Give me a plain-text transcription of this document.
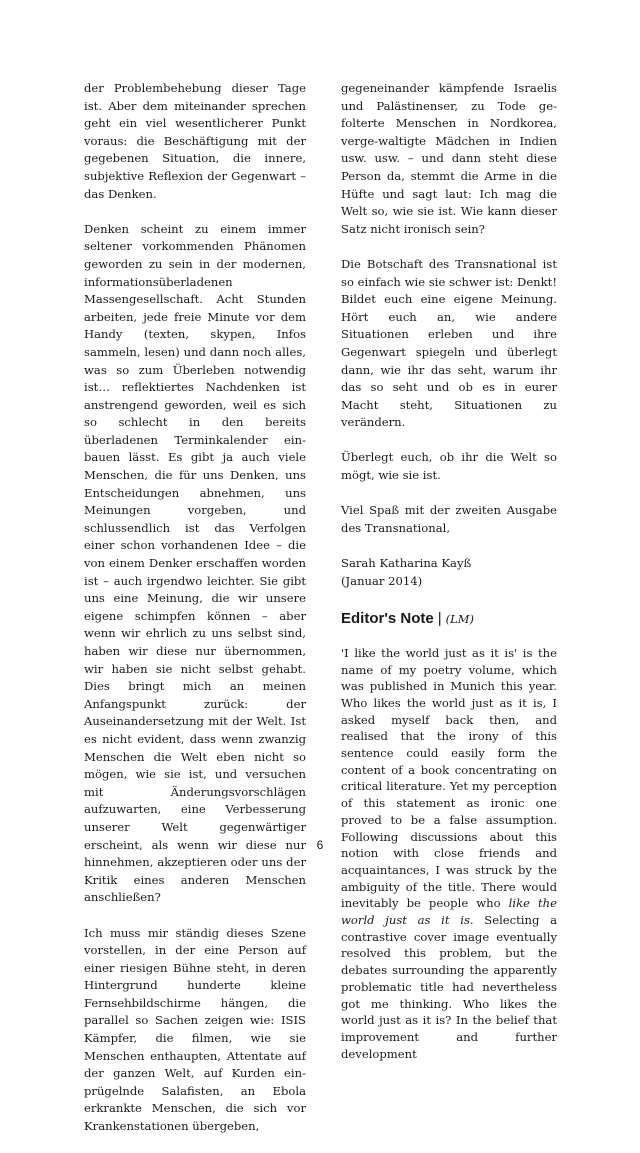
der Problembehebung dieser Tage ist. Aber dem miteinander sprechen geht ein viel wesentlicherer Punkt voraus: die Beschäftigung mit der gegebenen Situation, die innere, subjektive Reflexion der Gegenwart – das Denken.

Denken scheint zu einem immer seltener vorkommenden Phänomen geworden zu sein in der modernen, informationsüberladenen Massengesellschaft. Acht Stunden arbeiten, jede freie Minute vor dem Handy (texten, skypen, Infos sammeln, lesen) und dann noch alles, was so zum Überleben notwendig ist… reflektiertes Nachdenken ist anstrengend geworden, weil es sich so schlecht in den bereits überladenen Terminkalender einbauen lässt. Es gibt ja auch viele Menschen, die für uns Denken, uns Entscheidungen abnehmen, uns Meinungen vorgeben, und schlussendlich ist das Verfolgen einer schon vorhandenen Idee – die von einem Denker erschaffen worden ist – auch irgendwo leichter. Sie gibt uns eine Meinung, die wir unsere eigene schimpfen können – aber wenn wir ehrlich zu uns selbst sind, haben wir diese nur übernommen, wir haben sie nicht selbst gehabt. Dies bringt mich an meinen Anfangspunkt zurück: der Auseinandersetzung mit der Welt. Ist es nicht evident, dass wenn zwanzig Menschen die Welt eben nicht so mögen, wie sie ist, und versuchen mit Änderungsvorschlägen aufzuwarten, eine Verbesserung unserer Welt gegenwärtiger erscheint, als wenn wir diese nur hinnehmen, akzeptieren oder uns der Kritik eines anderen Menschen anschließen?

Ich muss mir ständig dieses Szene vorstellen, in der eine Person auf einer riesigen Bühne steht, in deren Hintergrund hunderte kleine Fernsehbildschirme hängen, die parallel so Sachen zeigen wie: ISIS Kämpfer, die filmen, wie sie Menschen enthaupten, Attentate auf der ganzen Welt, auf Kurden ein-prügelnde Salafisten, an Ebola erkrankte Menschen, die sich vor Krankenstationen übergeben,

gegeneinander kämpfende Israelis und Palästinenser, zu Tode ge-folterte Menschen in Nordkorea, verge-waltigte Mädchen in Indien usw. usw. – und dann steht diese Person da, stemmt die Arme in die Hüfte und sagt laut: Ich mag die Welt so, wie sie ist. Wie kann dieser Satz nicht ironisch sein?

Die Botschaft des Transnational ist so einfach wie sie schwer ist: Denkt! Bildet euch eine eigene Meinung. Hört euch an, wie andere Situationen erleben und ihre Gegenwart spiegeln und überlegt dann, wie ihr das seht, warum ihr das so seht und ob es in eurer Macht steht, Situationen zu verändern.

Überlegt euch, ob ihr die Welt so mögt, wie sie ist.

Viel Spaß mit der zweiten Ausgabe des Transnational,

Sarah Katharina Kayß

(Januar 2014)

Editor's Note | (LM)

'I like the world just as it is' is the name of my poetry volume, which was published in Munich this year. Who likes the world just as it is, I asked myself back then, and realised that the irony of this sentence could easily form the content of a book concentrating on critical literature. Yet my perception of this statement as ironic one proved to be a false assumption. Following discussions about this notion with close friends and acquaintances, I was struck by the ambiguity of the title. There would inevitably be people who like the world just as it is. Selecting a contrastive cover image eventually resolved this problem, but the debates surrounding the apparently problematic title had nevertheless got me thinking. Who likes the world just as it is? In the belief that improvement and further development

6
